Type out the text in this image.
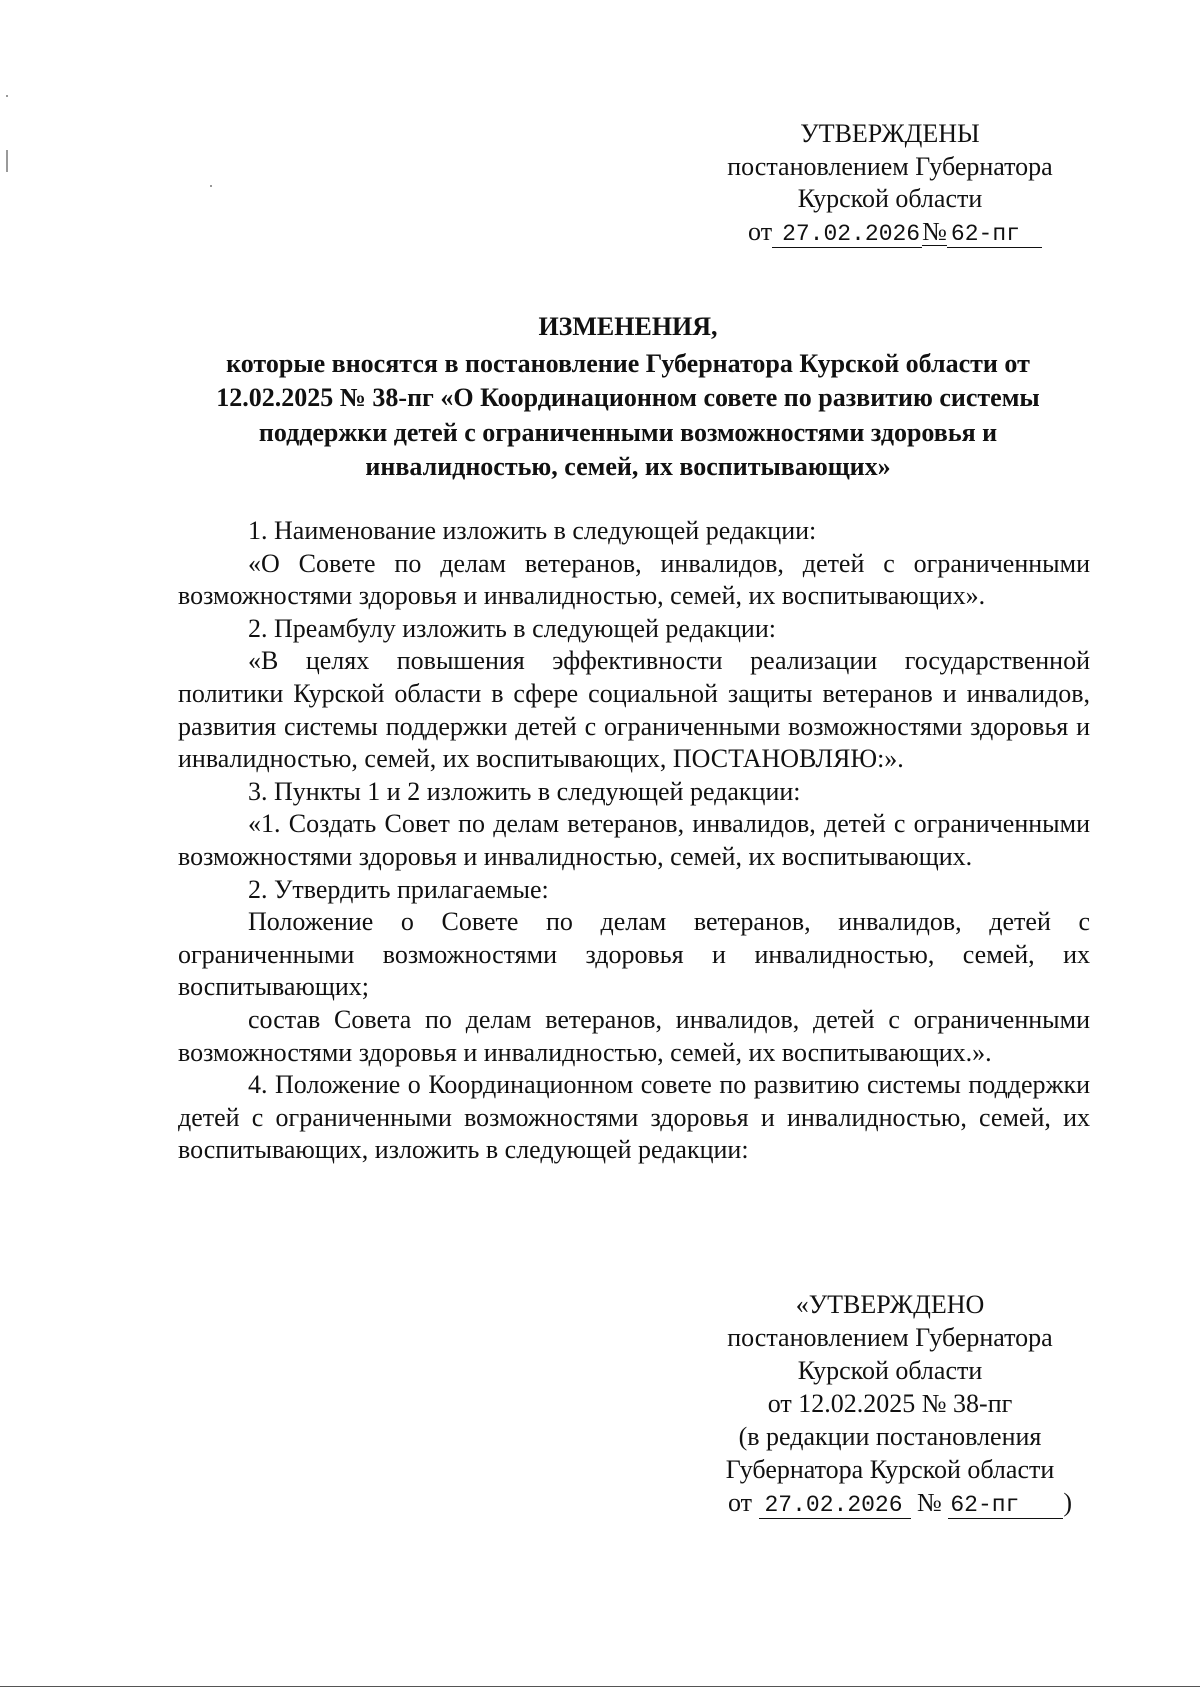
УТВЕРЖДЕНЫ
постановлением Губернатора
Курской области
от 27.02.2026№ 62-пг
ИЗМЕНЕНИЯ,
которые вносятся в постановление Губернатора Курской области от 12.02.2025 № 38-пг «О Координационном совете по развитию системы поддержки детей с ограниченными возможностями здоровья и инвалидностью, семей, их воспитывающих»

1. Наименование изложить в следующей редакции:

«О Совете по делам ветеранов, инвалидов, детей с ограниченными возможностями здоровья и инвалидностью, семей, их воспитывающих».

2. Преамбулу изложить в следующей редакции:

«В целях повышения эффективности реализации государственной политики Курской области в сфере социальной защиты ветеранов и инвалидов, развития системы поддержки детей с ограниченными возможностями здоровья и инвалидностью, семей, их воспитывающих, ПОСТАНОВЛЯЮ:».

3. Пункты 1 и 2 изложить в следующей редакции:

«1. Создать Совет по делам ветеранов, инвалидов, детей с ограниченными возможностями здоровья и инвалидностью, семей, их воспитывающих.

2. Утвердить прилагаемые:

Положение о Совете по делам ветеранов, инвалидов, детей с ограниченными возможностями здоровья и инвалидностью, семей, их воспитывающих;

состав Совета по делам ветеранов, инвалидов, детей с ограниченными возможностями здоровья и инвалидностью, семей, их воспитывающих.».

4. Положение о Координационном совете по развитию системы поддержки детей с ограниченными возможностями здоровья и инвалидностью, семей, их воспитывающих, изложить в следующей редакции:

«УТВЕРЖДЕНО
постановлением Губернатора
Курской области
от 12.02.2025 № 38-пг
(в редакции постановления
Губернатора Курской области
от 27.02.2026 № 62-пг )
